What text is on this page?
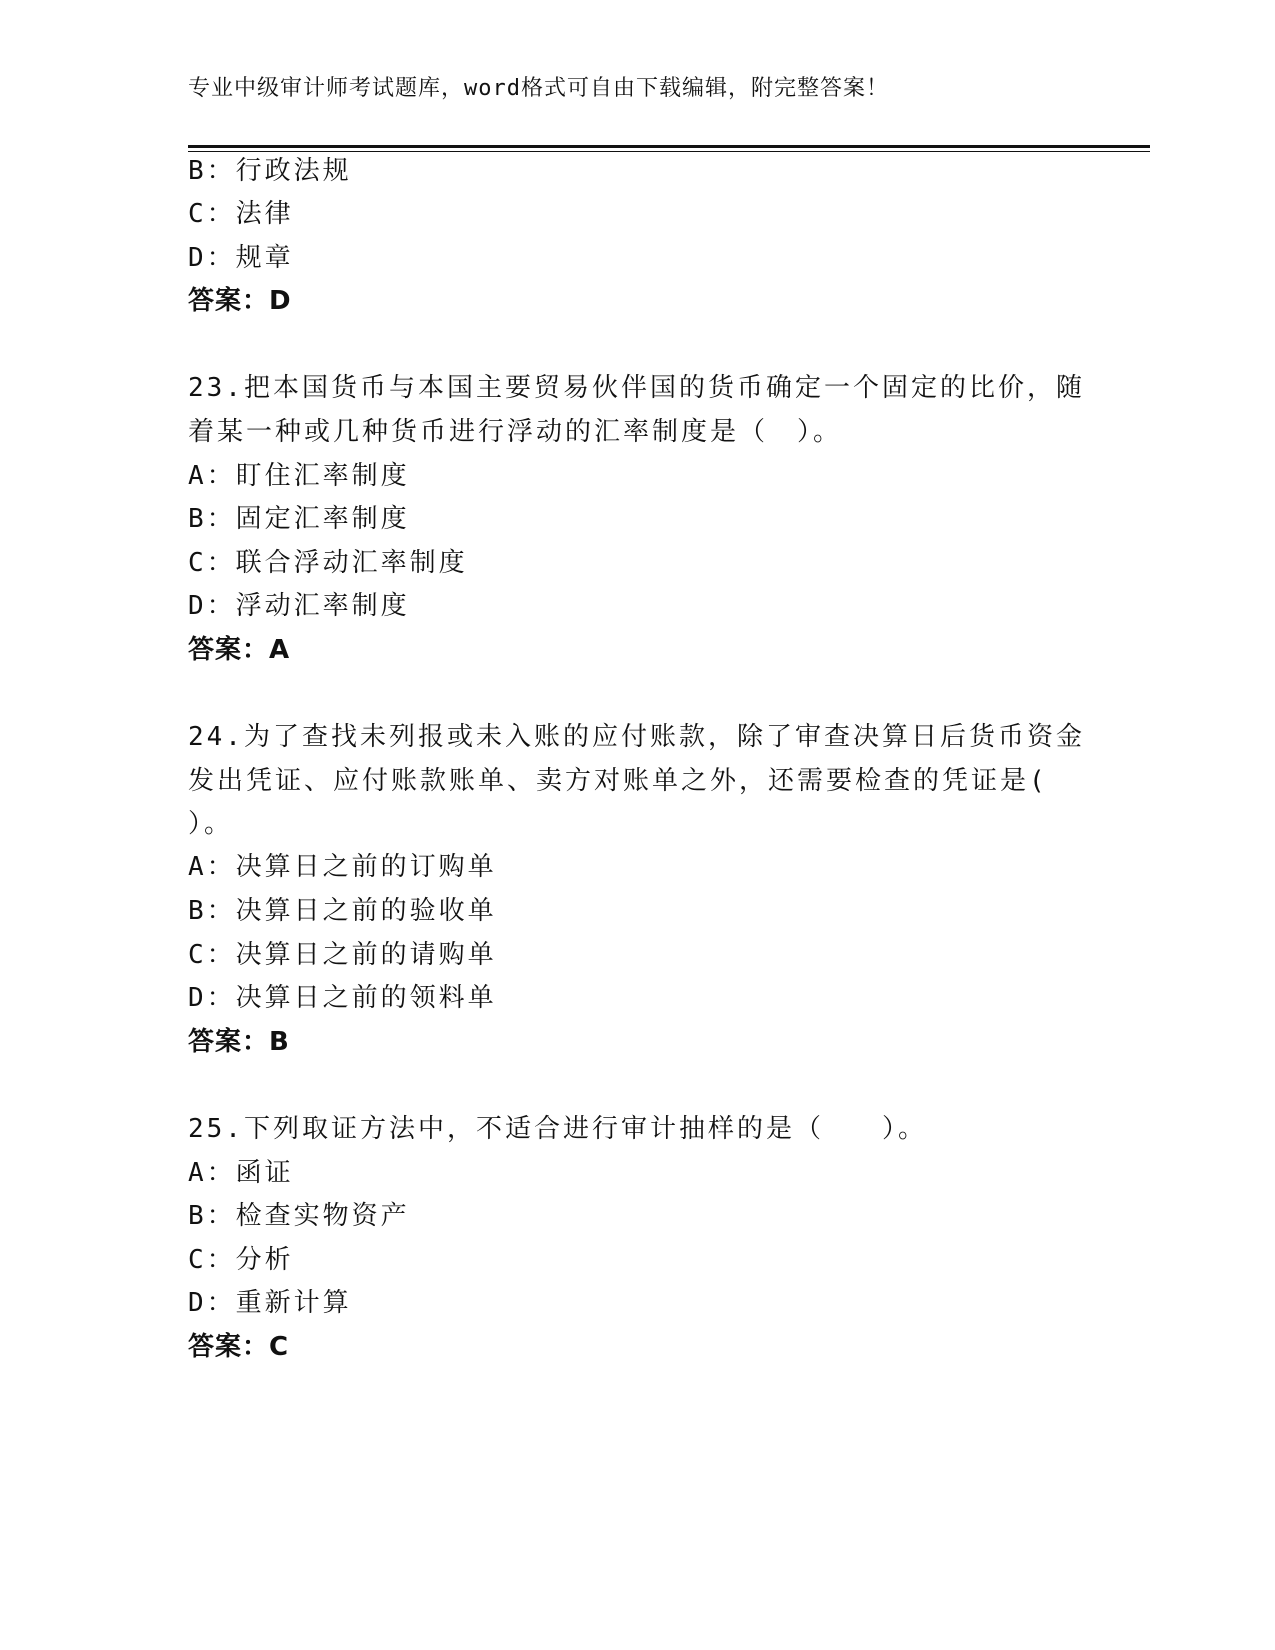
专业中级审计师考试题库，word格式可自由下载编辑，附完整答案！
B：行政法规
C：法律
D：规章
答案：D
23.把本国货币与本国主要贸易伙伴国的货币确定一个固定的比价，随
着某一种或几种货币进行浮动的汇率制度是（　）。
A：盯住汇率制度
B：固定汇率制度
C：联合浮动汇率制度
D：浮动汇率制度
答案：A
24.为了查找未列报或未入账的应付账款，除了审查决算日后货币资金
发出凭证、应付账款账单、卖方对账单之外，还需要检查的凭证是(
）。
A：决算日之前的订购单
B：决算日之前的验收单
C：决算日之前的请购单
D：决算日之前的领料单
答案：B
25.下列取证方法中，不适合进行审计抽样的是（　　）。
A：函证
B：检查实物资产
C：分析
D：重新计算
答案：C
